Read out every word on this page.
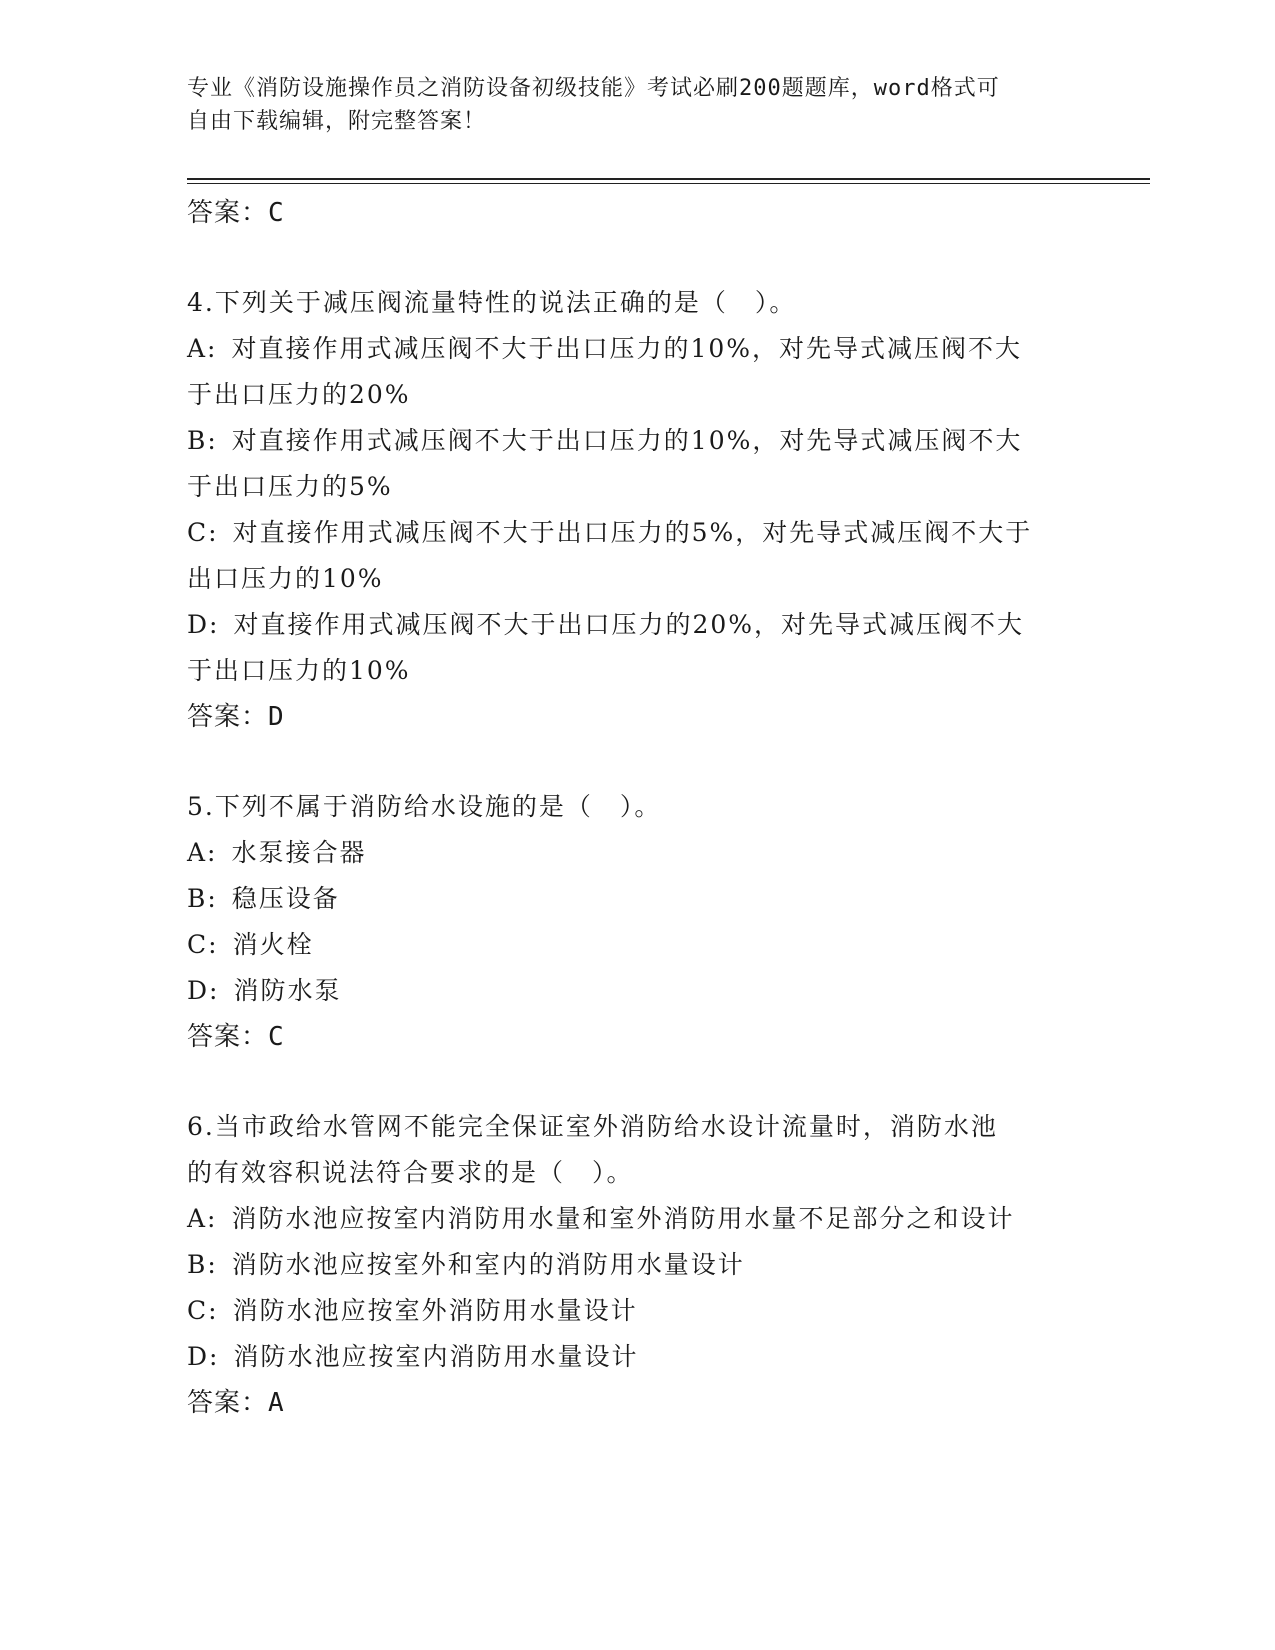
专业《消防设施操作员之消防设备初级技能》考试必刷200题题库，word格式可
自由下载编辑，附完整答案！
答案：C
4.下列关于减压阀流量特性的说法正确的是（　）。
A: 对直接作用式减压阀不大于出口压力的10%，对先导式减压阀不大
于出口压力的20%
B: 对直接作用式减压阀不大于出口压力的10%，对先导式减压阀不大
于出口压力的5%
C: 对直接作用式减压阀不大于出口压力的5%，对先导式减压阀不大于
出口压力的10%
D: 对直接作用式减压阀不大于出口压力的20%，对先导式减压阀不大
于出口压力的10%
答案：D
5.下列不属于消防给水设施的是（　）。
A: 水泵接合器
B: 稳压设备
C: 消火栓
D: 消防水泵
答案：C
6.当市政给水管网不能完全保证室外消防给水设计流量时，消防水池
的有效容积说法符合要求的是（　）。
A: 消防水池应按室内消防用水量和室外消防用水量不足部分之和设计
B: 消防水池应按室外和室内的消防用水量设计
C: 消防水池应按室外消防用水量设计
D: 消防水池应按室内消防用水量设计
答案：A
